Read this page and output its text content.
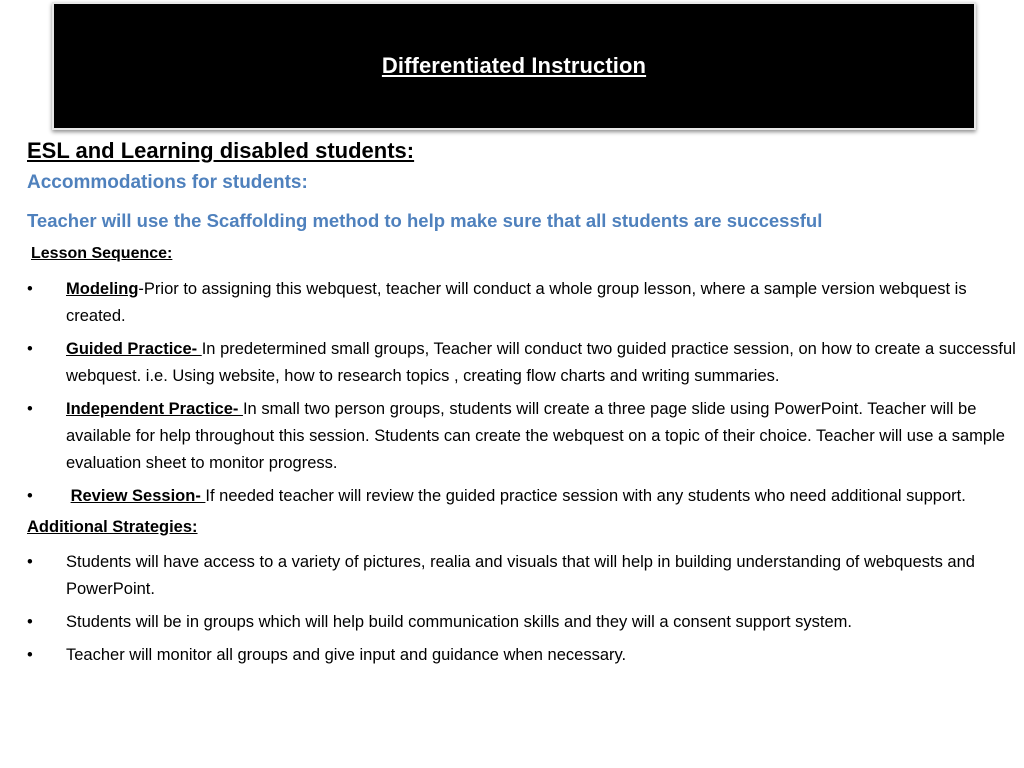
Differentiated Instruction
ESL and Learning disabled students:
Accommodations for students:
Teacher will use the Scaffolding method to help make sure that all students are successful
Lesson Sequence:
• Modeling-Prior to assigning this webquest, teacher will conduct a whole group lesson, where a sample version webquest is created.
• Guided Practice- In predetermined small groups, Teacher will conduct two guided practice session, on how to create a successful webquest. i.e. Using website, how to research topics , creating flow charts and writing summaries.
• Independent Practice- In small two person groups, students will create a three page slide using PowerPoint. Teacher will be available for help throughout this session. Students can create the webquest on a topic of their choice. Teacher will use a sample evaluation sheet to monitor progress.
• Review Session- If needed teacher will review the guided practice session with any students who need additional support.
Additional Strategies:
• Students will have access to a variety of pictures, realia and visuals that will help in building understanding of webquests and PowerPoint.
• Students will be in groups which will help build communication skills and they will a consent support system.
• Teacher will monitor all groups and give input and guidance when necessary.
